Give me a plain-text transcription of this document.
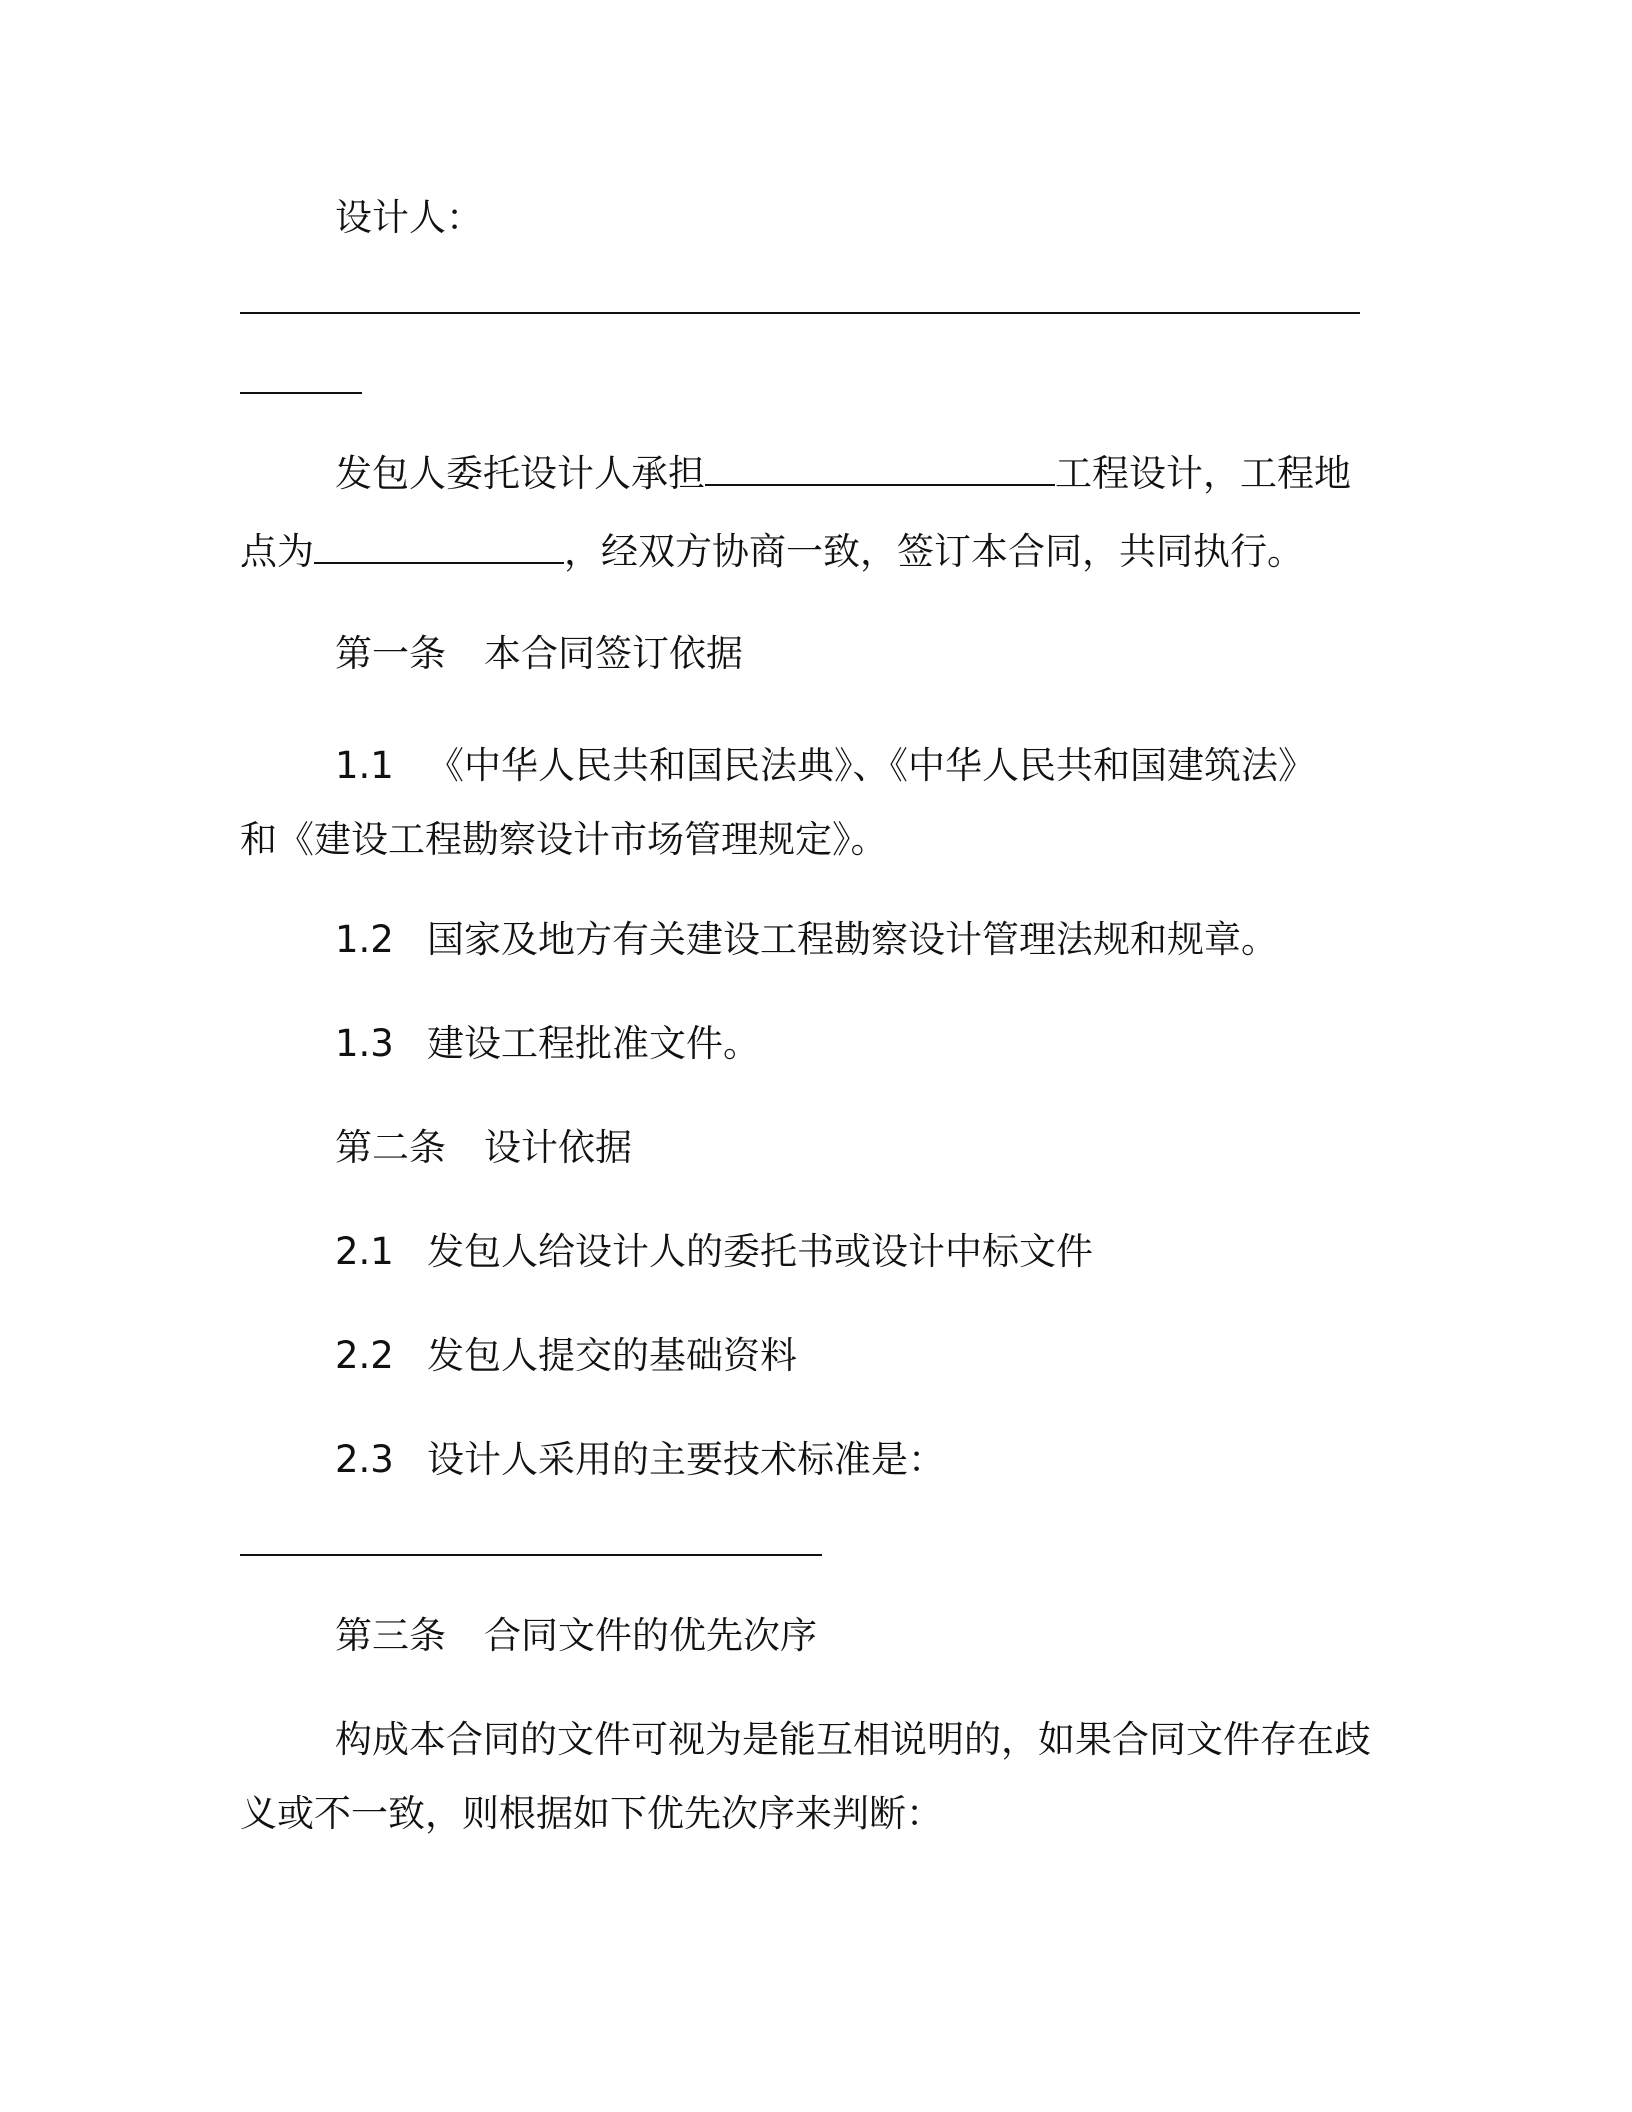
设计人：

发包人委托设计人承担	工程设计，工程地

点为	，经双方协商一致，签订本合同，共同执行。

第一条 本合同签订依据

1.1 《中华人民共和国民法典》、《中华人民共和国建筑法》

和《建设工程勘察设计市场管理规定》。

1.2 国家及地方有关建设工程勘察设计管理法规和规章。

1.3 建设工程批准文件。

第二条 设计依据

2.1 发包人给设计人的委托书或设计中标文件

2.2 发包人提交的基础资料

2.3 设计人采用的主要技术标准是：

第三条 合同文件的优先次序

构成本合同的文件可视为是能互相说明的，如果合同文件存在歧

义或不一致，则根据如下优先次序来判断：
